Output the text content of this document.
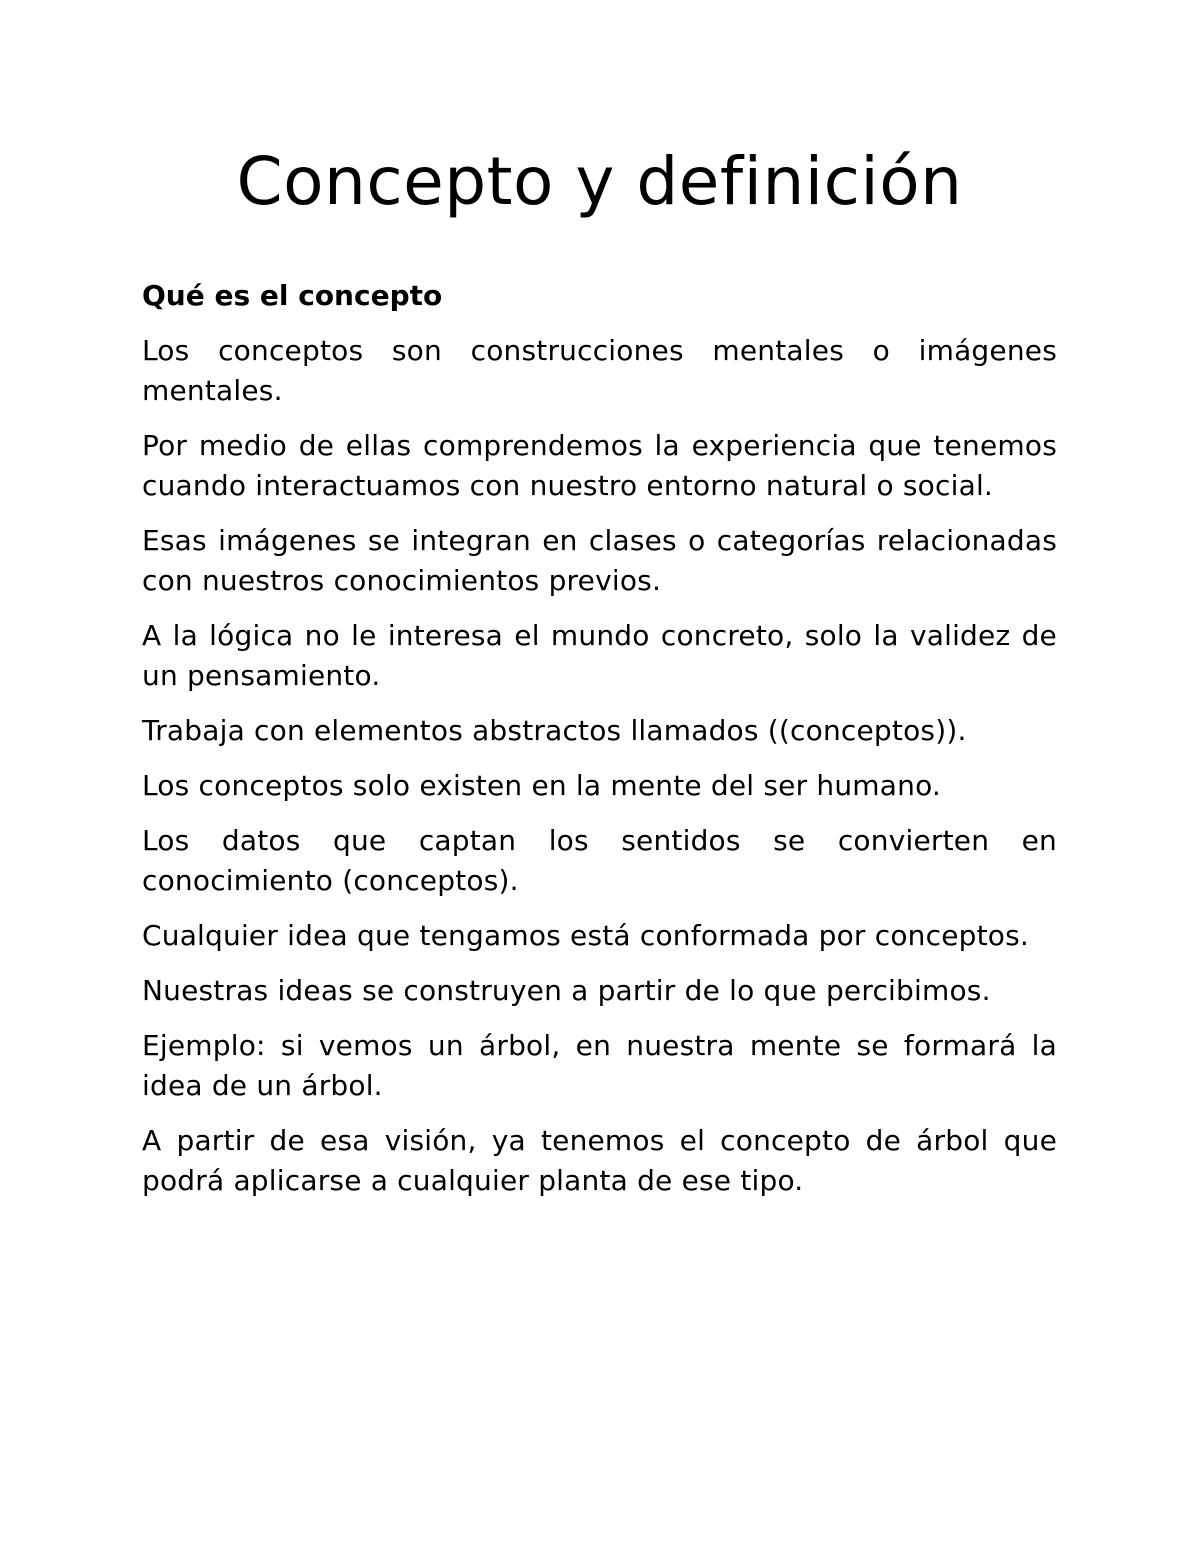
Concepto y definición

Qué es el concepto

Los conceptos son construcciones mentales o imágenes mentales.

Por medio de ellas comprendemos la experiencia que tenemos cuando interactuamos con nuestro entorno natural o social.

Esas imágenes se integran en clases o categorías relacionadas con nuestros conocimientos previos.

A la lógica no le interesa el mundo concreto, solo la validez de un pensamiento.

Trabaja con elementos abstractos llamados ((conceptos)).

Los conceptos solo existen en la mente del ser humano.

Los datos que captan los sentidos se convierten en conocimiento (conceptos).

Cualquier idea que tengamos está conformada por conceptos.

Nuestras ideas se construyen a partir de lo que percibimos.

Ejemplo: si vemos un árbol, en nuestra mente se formará la idea de un árbol.

A partir de esa visión, ya tenemos el concepto de árbol que podrá aplicarse a cualquier planta de ese tipo.
